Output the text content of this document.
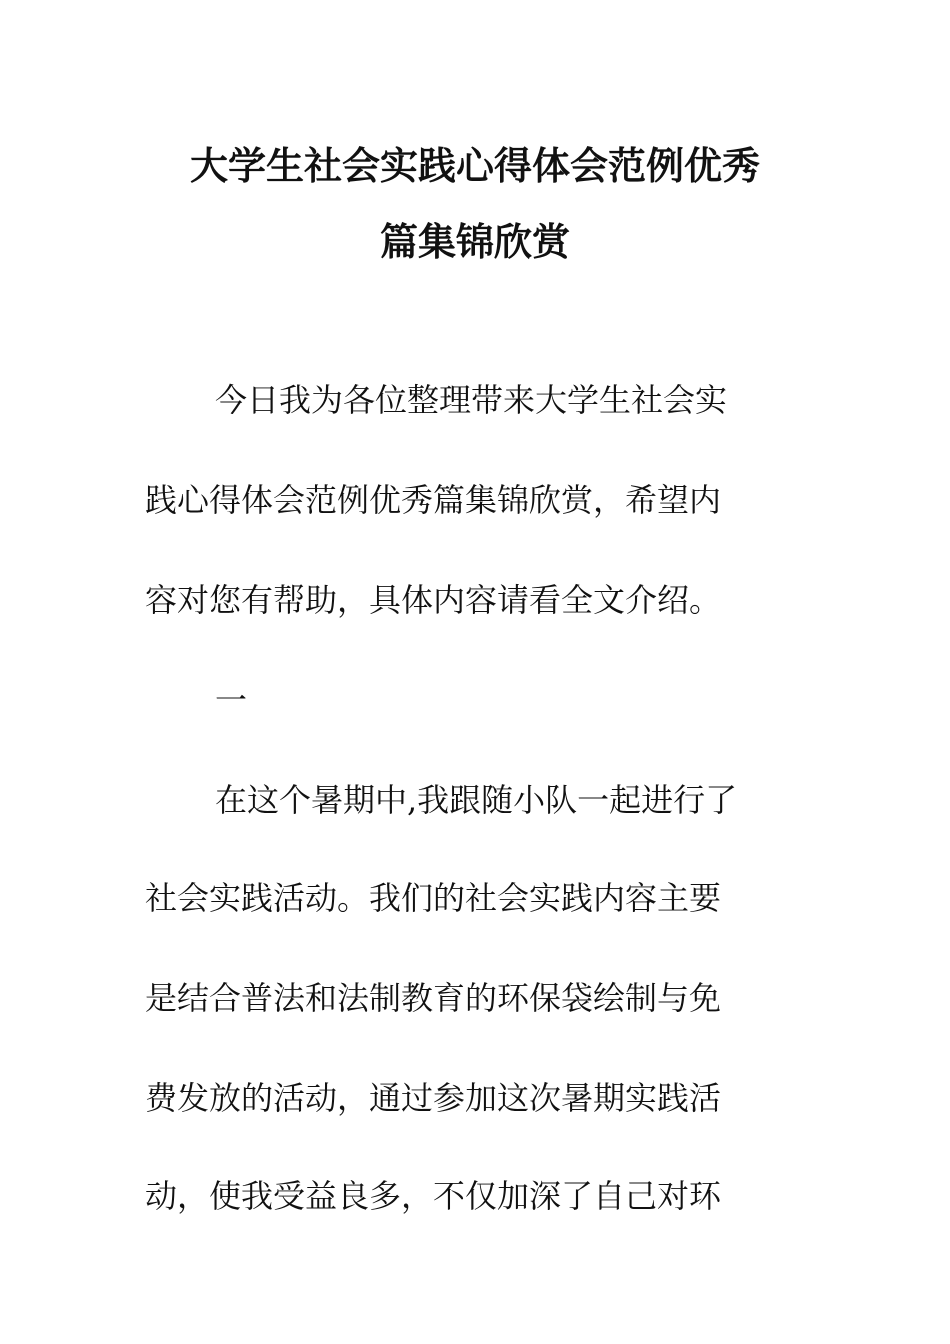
大学生社会实践心得体会范例优秀
篇集锦欣赏
今日我为各位整理带来大学生社会实
践心得体会范例优秀篇集锦欣赏，希望内
容对您有帮助，具体内容请看全文介绍。
一
在这个暑期中,我跟随小队一起进行了
社会实践活动。我们的社会实践内容主要
是结合普法和法制教育的环保袋绘制与免
费发放的活动，通过参加这次暑期实践活
动，使我受益良多，不仅加深了自己对环
